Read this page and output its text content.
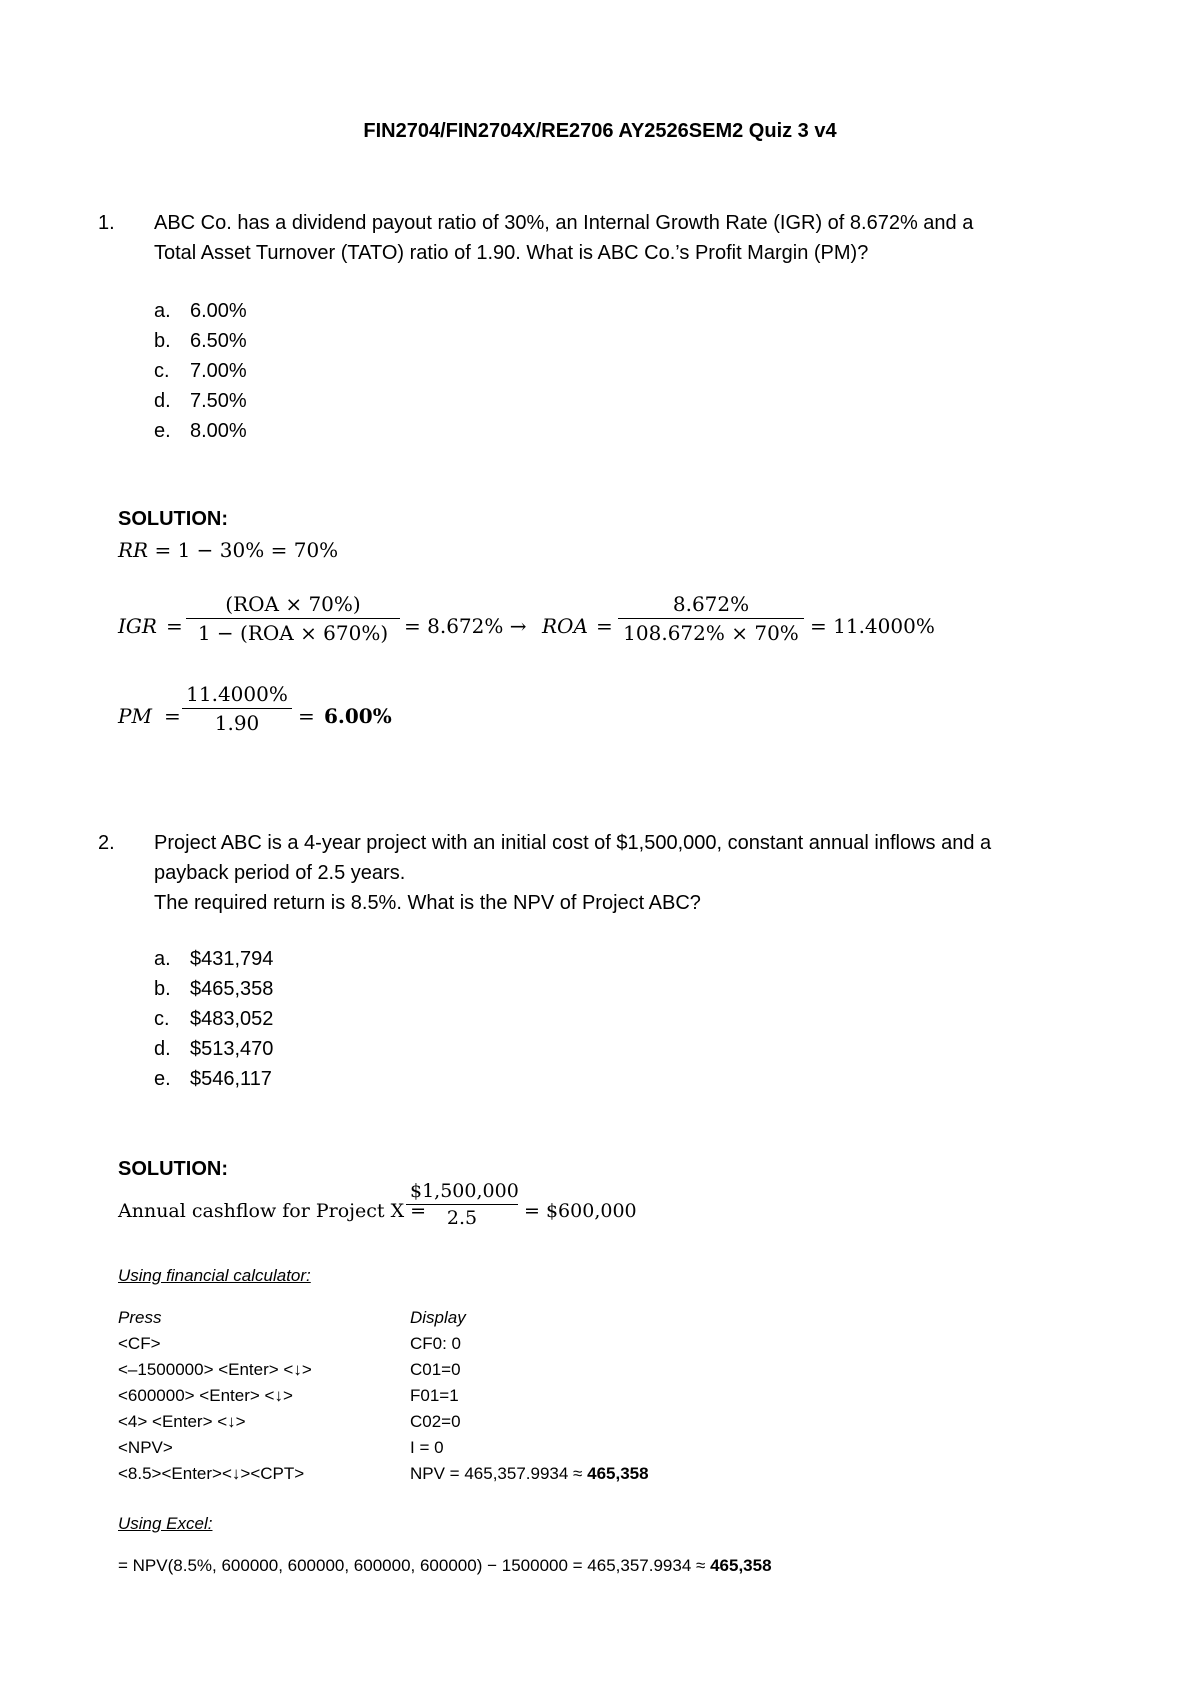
FIN2704/FIN2704X/RE2706 AY2526SEM2 Quiz 3 v4
1. ABC Co. has a dividend payout ratio of 30%, an Internal Growth Rate (IGR) of 8.672% and a
Total Asset Turnover (TATO) ratio of 1.90. What is ABC Co.’s Profit Margin (PM)?
a. 6.00%
b. 6.50%
c. 7.00%
d. 7.50%
e. 8.00%
SOLUTION:
RR = 1 − 30% = 70%
IGR =
(ROA × 70%)
1 − (ROA × 670%) = 8.672% → ROA = $\frac{8.672\%}{108.672\% \times 70\%} = 11.4000\%$
PM = $\frac{11.4000\%}{1.90} = 6.00\%$
2. Project ABC is a 4-year project with an initial cost of $1,500,000, constant annual inflows and a
payback period of 2.5 years.
The required return is 8.5%. What is the NPV of Project ABC?
a. $431,794
b. $465,358
c. $483,052
d. $513,470
e. $546,117
SOLUTION:
Annual cashflow for Project X =
$\frac{\$1,500,000}{2.5}$ = $600,000
Using financial calculator:
Press	Display
<CF>	CF0: 0
<–1500000> <Enter> <↓>	C01=0
<600000> <Enter> <↓>	F01=1
<4> <Enter> <↓>	C02=0
<NPV>	I = 0
<8.5><Enter><↓><CPT>	NPV = 465,357.9934 ≈ 465,358
Using Excel:
= NPV(8.5%, 600000, 600000, 600000, 600000) − 1500000 = 465,357.9934 ≈ 465,358
